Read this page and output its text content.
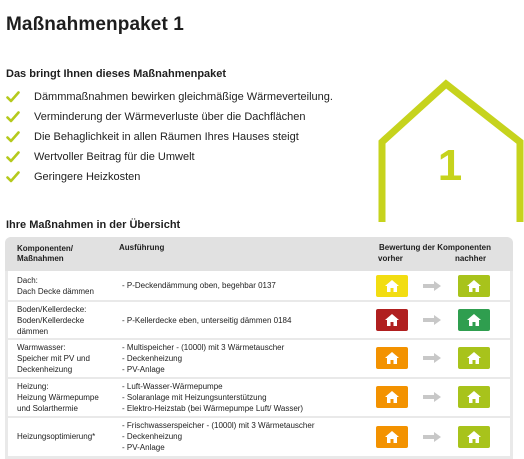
Maßnahmenpaket 1
1
Das bringt Ihnen dieses Maßnahmenpaket
Dämmmaßnahmen bewirken gleichmäßige Wärmeverteilung.
Verminderung der Wärmeverluste über die Dachflächen
Die Behaglichkeit in allen Räumen Ihres Hauses steigt
Wertvoller Beitrag für die Umwelt
Geringere Heizkosten
Ihre Maßnahmen in der Übersicht
Komponenten/ Maßnahmen
Ausführung	Bewertung der Komponenten
vorher	nachher
Dach:
Dach Decke dämmen
- P-Deckendämmung oben, begehbar 0137
Boden/Kellerdecke:
Boden/Kellerdecke
dämmen
- P-Kellerdecke eben, unterseitig dämmen 0184
Warmwasser:
Speicher mit PV und
Deckenheizung
- Multispeicher - (1000l) mit 3 Wärmetauscher
- Deckenheizung
- PV-Anlage
Heizung:
Heizung Wärmepumpe
und Solarthermie
- Luft-Wasser-Wärmepumpe
- Solaranlage mit Heizungsunterstützung
- Elektro-Heizstab (bei Wärmepumpe Luft/ Wasser)
Heizungsoptimierung*
- Frischwasserspeicher - (1000l) mit 3 Wärmetauscher
- Deckenheizung
- PV-Anlage
